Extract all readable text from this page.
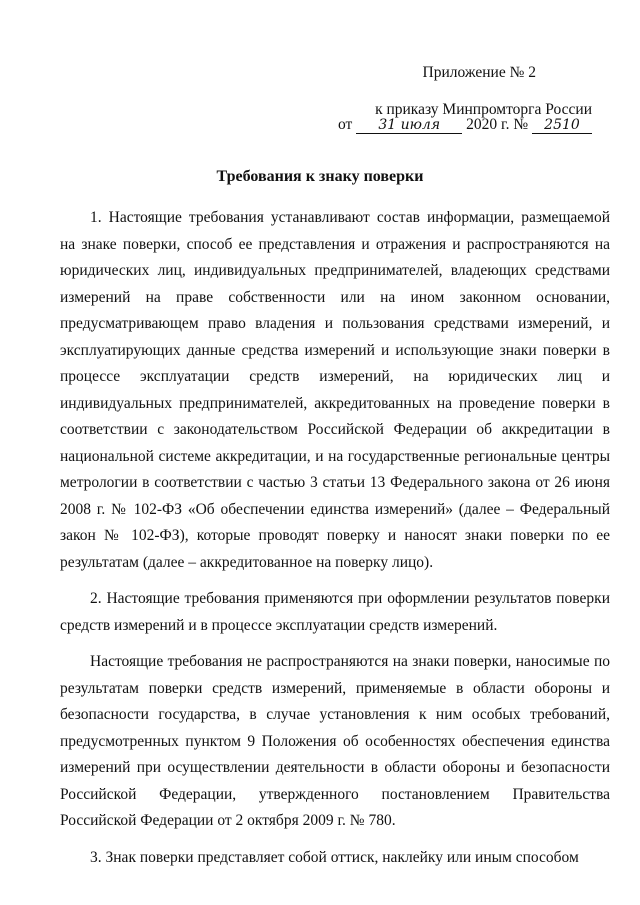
Приложение № 2
к приказу Минпромторга России
от 31 июля 2020 г. № 2510
Требования к знаку поверки

1. Настоящие требования устанавливают состав информации, размещаемой на знаке поверки, способ ее представления и отражения и распространяются на юридических лиц, индивидуальных предпринимателей, владеющих средствами измерений на праве собственности или на ином законном основании, предусматривающем право владения и пользования средствами измерений, и эксплуатирующих данные средства измерений и использующие знаки поверки в процессе эксплуатации средств измерений, на юридических лиц и индивидуальных предпринимателей, аккредитованных на проведение поверки в соответствии с законодательством Российской Федерации об аккредитации в национальной системе аккредитации, и на государственные региональные центры метрологии в соответствии с частью 3 статьи 13 Федерального закона от 26 июня 2008 г. № 102-ФЗ «Об обеспечении единства измерений» (далее – Федеральный закон № 102-ФЗ), которые проводят поверку и наносят знаки поверки по ее результатам (далее – аккредитованное на поверку лицо).

2. Настоящие требования применяются при оформлении результатов поверки средств измерений и в процессе эксплуатации средств измерений.

Настоящие требования не распространяются на знаки поверки, наносимые по результатам поверки средств измерений, применяемые в области обороны и безопасности государства, в случае установления к ним особых требований, предусмотренных пунктом 9 Положения об особенностях обеспечения единства измерений при осуществлении деятельности в области обороны и безопасности Российской Федерации, утвержденного постановлением Правительства Российской Федерации от 2 октября 2009 г. № 780.

3. Знак поверки представляет собой оттиск, наклейку или иным способом
